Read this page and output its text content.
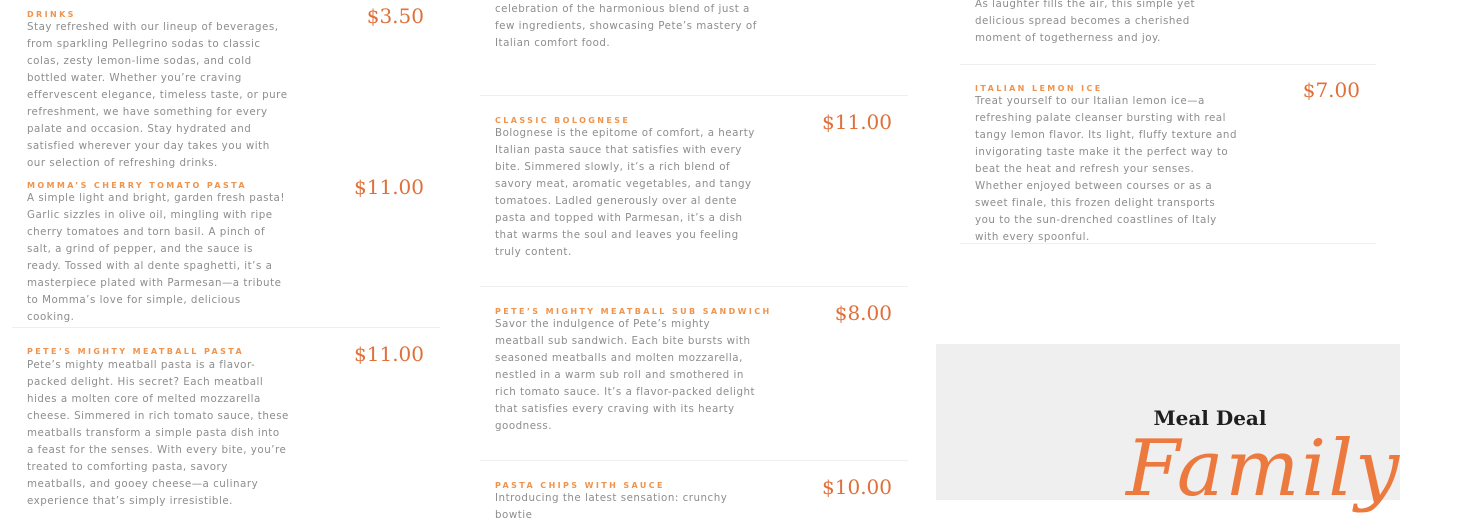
DRINKS	$3.50
Stay refreshed with our lineup of beverages, from sparkling Pellegrino sodas to classic colas, zesty lemon-lime sodas, and cold bottled water. Whether you’re craving effervescent elegance, timeless taste, or pure refreshment, we have something for every palate and occasion. Stay hydrated and satisfied wherever your day takes you with our selection of refreshing drinks.
MOMMA’S CHERRY TOMATO PASTA	$11.00
A simple light and bright, garden fresh pasta! Garlic sizzles in olive oil, mingling with ripe cherry tomatoes and torn basil. A pinch of salt, a grind of pepper, and the sauce is ready. Tossed with al dente spaghetti, it’s a masterpiece plated with Parmesan—a tribute to Momma’s love for simple, delicious cooking.
PETE’S MIGHTY MEATBALL PASTA	$11.00
Pete’s mighty meatball pasta is a flavor-packed delight. His secret? Each meatball hides a molten core of melted mozzarella cheese. Simmered in rich tomato sauce, these meatballs transform a simple pasta dish into a feast for the senses. With every bite, you’re treated to comforting pasta, savory meatballs, and gooey cheese—a culinary experience that’s simply irresistible.
celebration of the harmonious blend of just a few ingredients, showcasing Pete’s mastery of Italian comfort food.
CLASSIC BOLOGNESE	$11.00
Bolognese is the epitome of comfort, a hearty Italian pasta sauce that satisfies with every bite. Simmered slowly, it’s a rich blend of savory meat, aromatic vegetables, and tangy tomatoes. Ladled generously over al dente pasta and topped with Parmesan, it’s a dish that warms the soul and leaves you feeling truly content.
PETE’S MIGHTY MEATBALL SUB SANDWICH	$8.00
Savor the indulgence of Pete’s mighty meatball sub sandwich. Each bite bursts with seasoned meatballs and molten mozzarella, nestled in a warm sub roll and smothered in rich tomato sauce. It’s a flavor-packed delight that satisfies every craving with its hearty goodness.
PASTA CHIPS WITH SAUCE	$10.00
Introducing the latest sensation: crunchy bowtie
As laughter fills the air, this simple yet delicious spread becomes a cherished moment of togetherness and joy.
ITALIAN LEMON ICE	$7.00
Treat yourself to our Italian lemon ice—a refreshing palate cleanser bursting with real tangy lemon flavor. Its light, fluffy texture and invigorating taste make it the perfect way to beat the heat and refresh your senses. Whether enjoyed between courses or as a sweet finale, this frozen delight transports you to the sun-drenched coastlines of Italy with every spoonful.
Meal Deal
Family
